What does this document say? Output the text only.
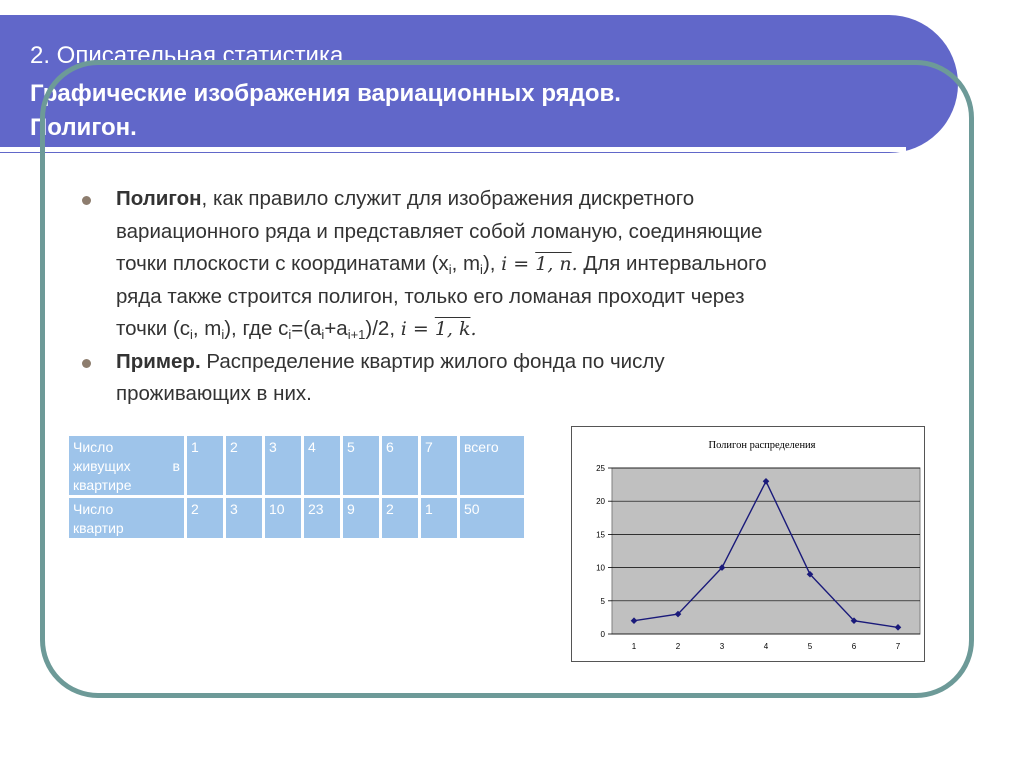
2. Описательная статистика
Графические изображения вариационных рядов.
Полигон.

Полигон, как правило служит для изображения дискретного
вариационного ряда и представляет собой ломаную, соединяющие
точки плоскости с координатами ($x_i$, $m_i$), i = 1, n. Для интервального
ряда также строится полигон, только его ломаная проходит через
точки ($c_i$, $m_i$), где $c_i=(a_i+a_{i+1})/2$, i = 1, k.

Пример. Распределение квартир жилого фонда по числу
проживающих в них.

Число
живущих в
квартире	1	2	3	4	5	6	7	всего
Число
квартир	2	3	10	23	9	2	1	50
Полигон распределения
0
5
10
15
20
25
1	2	3	4	5	6	7
